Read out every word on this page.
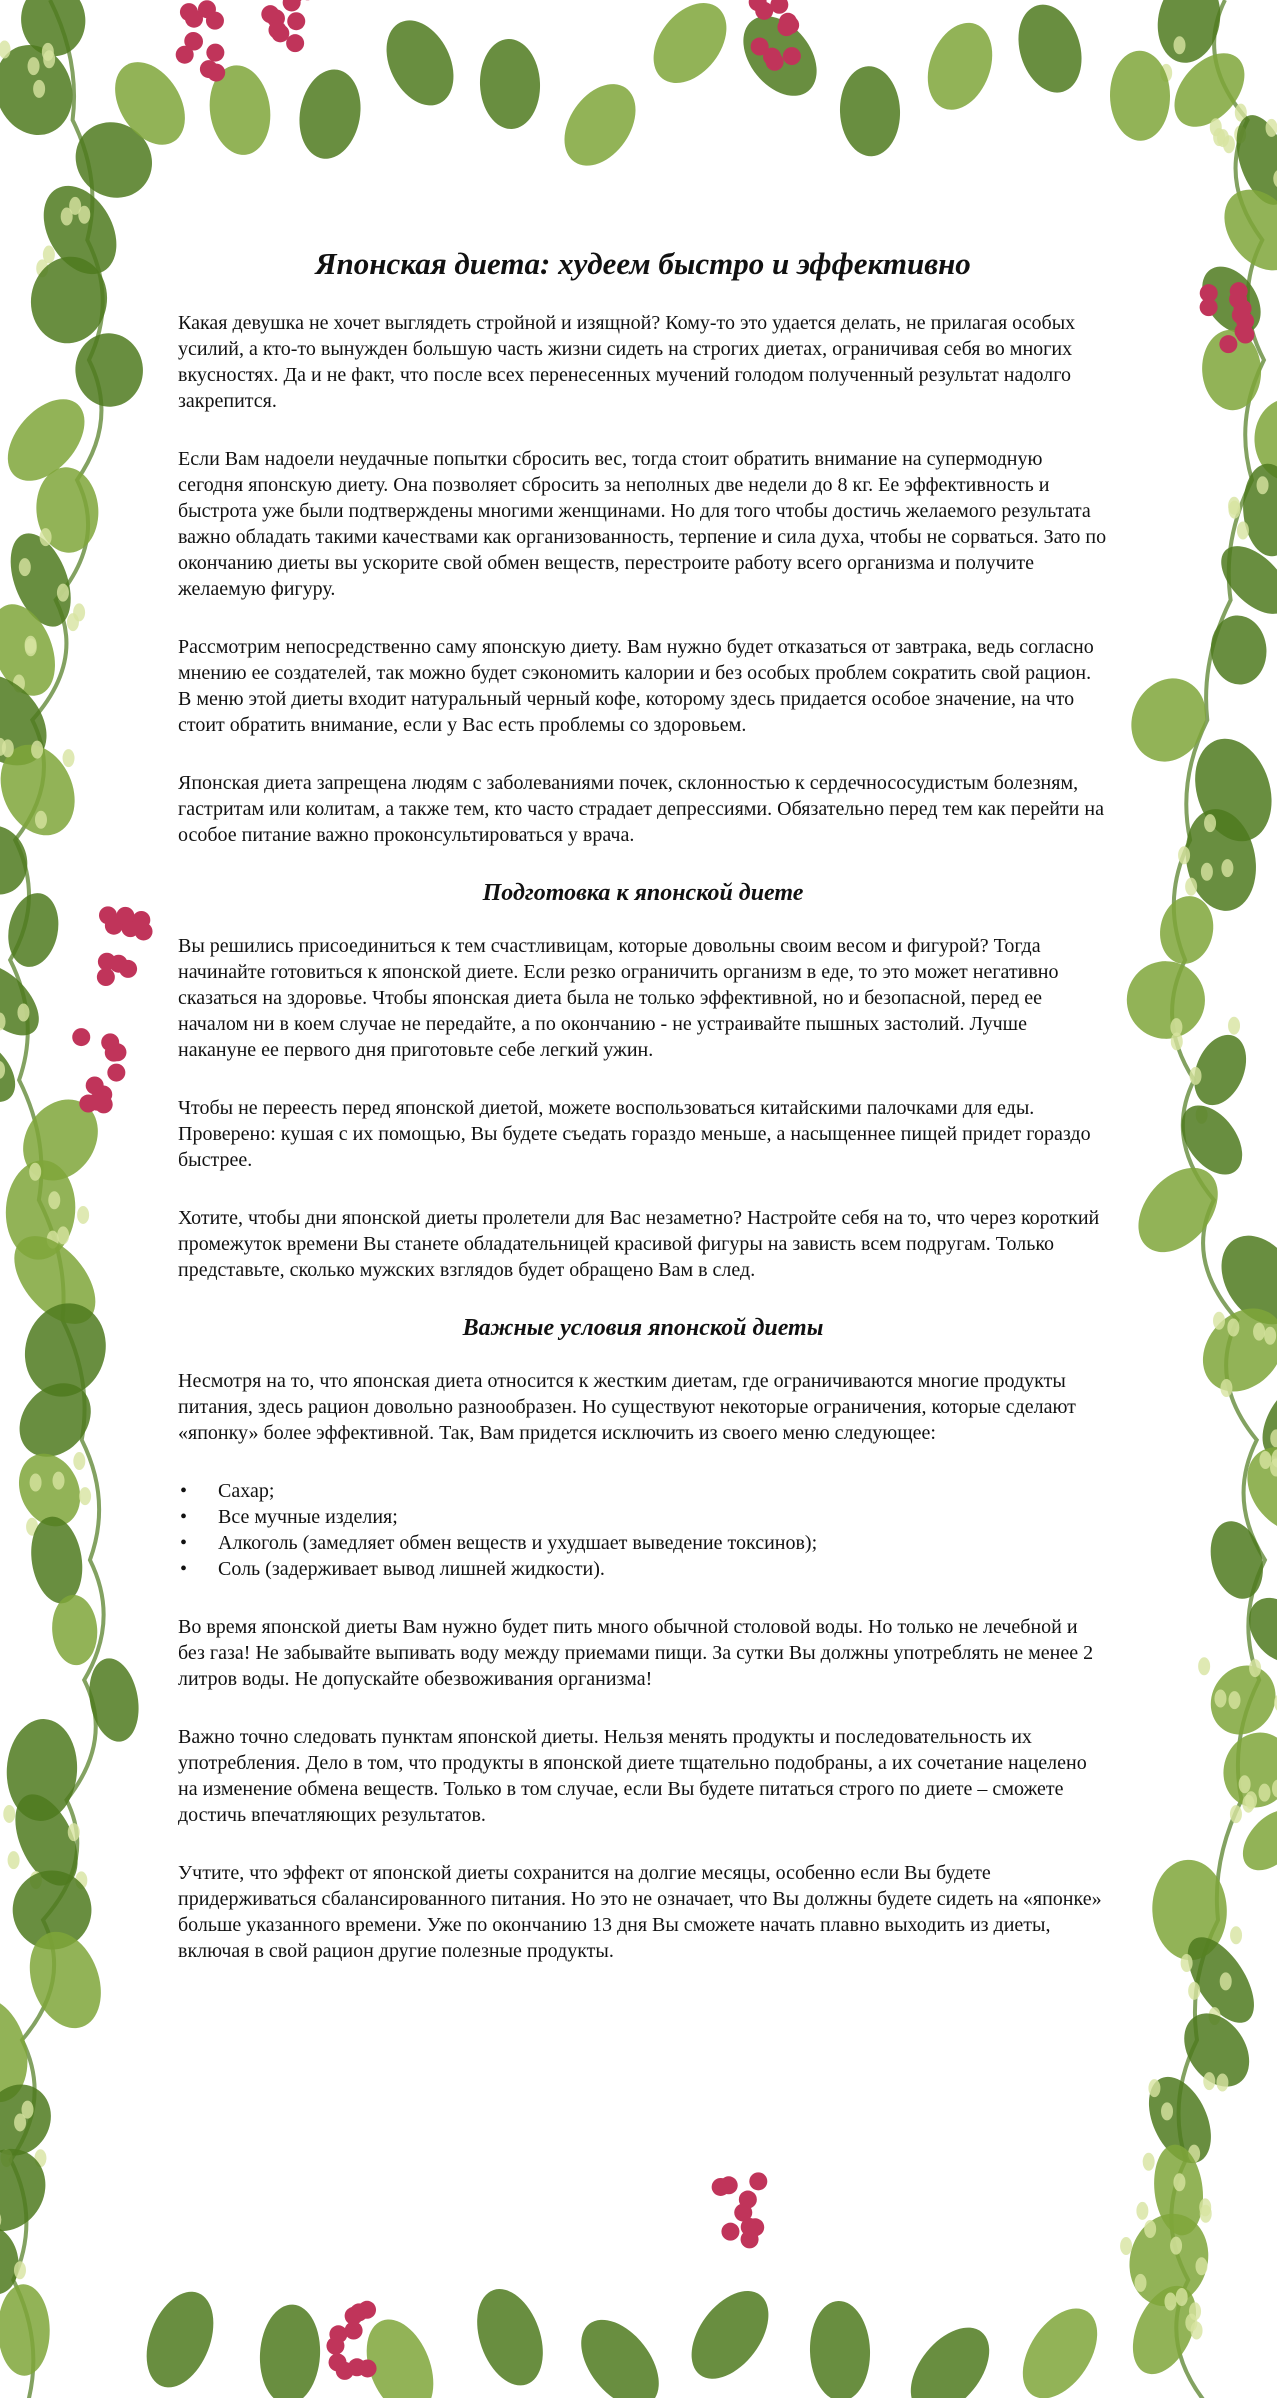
Японская диета: худеем быстро и эффективно

Какая девушка не хочет выглядеть стройной и изящной? Кому-то это удается делать, не прилагая особых усилий, а кто-то вынужден большую часть жизни сидеть на строгих диетах, ограничивая себя во многих вкусностях. Да и не факт, что после всех перенесенных мучений голодом полученный результат надолго закрепится.

Если Вам надоели неудачные попытки сбросить вес, тогда стоит обратить внимание на супермодную сегодня японскую диету. Она позволяет сбросить за неполных две недели до 8 кг. Ее эффективность и быстрота уже были подтверждены многими женщинами. Но для того чтобы достичь желаемого результата важно обладать такими качествами как организованность, терпение и сила духа, чтобы не сорваться. Зато по окончанию диеты вы ускорите свой обмен веществ, перестроите работу всего организма и получите желаемую фигуру.

Рассмотрим непосредственно саму японскую диету. Вам нужно будет отказаться от завтрака, ведь согласно мнению ее создателей, так можно будет сэкономить калории и без особых проблем сократить свой рацион. В меню этой диеты входит натуральный черный кофе, которому здесь придается особое значение, на что стоит обратить внимание, если у Вас есть проблемы со здоровьем.

Японская диета запрещена людям с заболеваниями почек, склонностью к сердечнососудистым болезням, гастритам или колитам, а также тем, кто часто страдает депрессиями. Обязательно перед тем как перейти на особое питание важно проконсультироваться у врача.

Подготовка к японской диете

Вы решились присоединиться к тем счастливицам, которые довольны своим весом и фигурой? Тогда начинайте готовиться к японской диете. Если резко ограничить организм в еде, то это может негативно сказаться на здоровье. Чтобы японская диета была не только эффективной, но и безопасной, перед ее началом ни в коем случае не передайте, а по окончанию - не устраивайте пышных застолий. Лучше накануне ее первого дня приготовьте себе легкий ужин.

Чтобы не переесть перед японской диетой, можете воспользоваться китайскими палочками для еды. Проверено: кушая с их помощью, Вы будете съедать гораздо меньше, а насыщеннее пищей придет гораздо быстрее.

Хотите, чтобы дни японской диеты пролетели для Вас незаметно? Настройте себя на то, что через короткий промежуток времени Вы станете обладательницей красивой фигуры на зависть всем подругам. Только представьте, сколько мужских взглядов будет обращено Вам в след.

Важные условия японской диеты

Несмотря на то, что японская диета относится к жестким диетам, где ограничиваются многие продукты питания, здесь рацион довольно разнообразен. Но существуют некоторые ограничения, которые сделают «японку» более эффективной. Так, Вам придется исключить из своего меню следующее:

• Сахар;
• Все мучные изделия;
• Алкоголь (замедляет обмен веществ и ухудшает выведение токсинов);
• Соль (задерживает вывод лишней жидкости).

Во время японской диеты Вам нужно будет пить много обычной столовой воды. Но только не лечебной и без газа! Не забывайте выпивать воду между приемами пищи. За сутки Вы должны употреблять не менее 2 литров воды. Не допускайте обезвоживания организма!

Важно точно следовать пунктам японской диеты. Нельзя менять продукты и последовательность их употребления. Дело в том, что продукты в японской диете тщательно подобраны, а их сочетание нацелено на изменение обмена веществ. Только в том случае, если Вы будете питаться строго по диете – сможете достичь впечатляющих результатов.

Учтите, что эффект от японской диеты сохранится на долгие месяцы, особенно если Вы будете придерживаться сбалансированного питания. Но это не означает, что Вы должны будете сидеть на «японке» больше указанного времени. Уже по окончанию 13 дня Вы сможете начать плавно выходить из диеты, включая в свой рацион другие полезные продукты.
